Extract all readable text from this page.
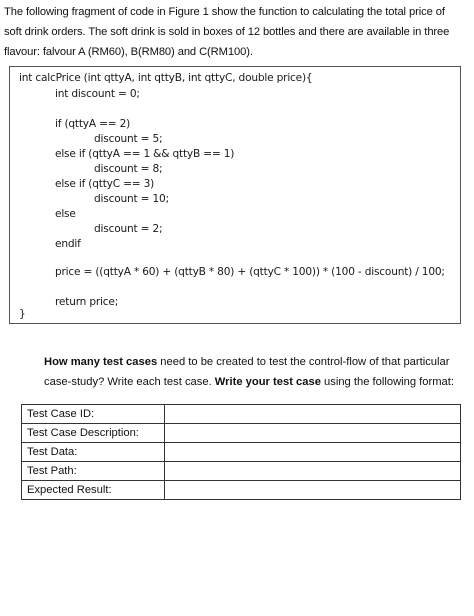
The following fragment of code in Figure 1 show the function to calculating the total price of
soft drink orders. The soft drink is sold in boxes of 12 bottles and there are available in three
flavour: falvour A (RM60), B(RM80) and C(RM100).
int calcPrice (int qttyA, int qttyB, int qttyC, double price){
int discount = 0;
if (qttyA == 2)
discount = 5;
else if (qttyA == 1 && qttyB == 1)
discount = 8;
else if (qttyC == 3)
discount = 10;
else
discount = 2;
endif
price = ((qttyA * 60) + (qttyB * 80) + (qttyC * 100)) * (100 - discount) / 100;
return price;
}
How many test cases need to be created to test the control-flow of that particular
case-study? Write each test case. Write your test case using the following format:
Test Case ID:	
Test Case Description:	
Test Data:	
Test Path:	
Expected Result:	
